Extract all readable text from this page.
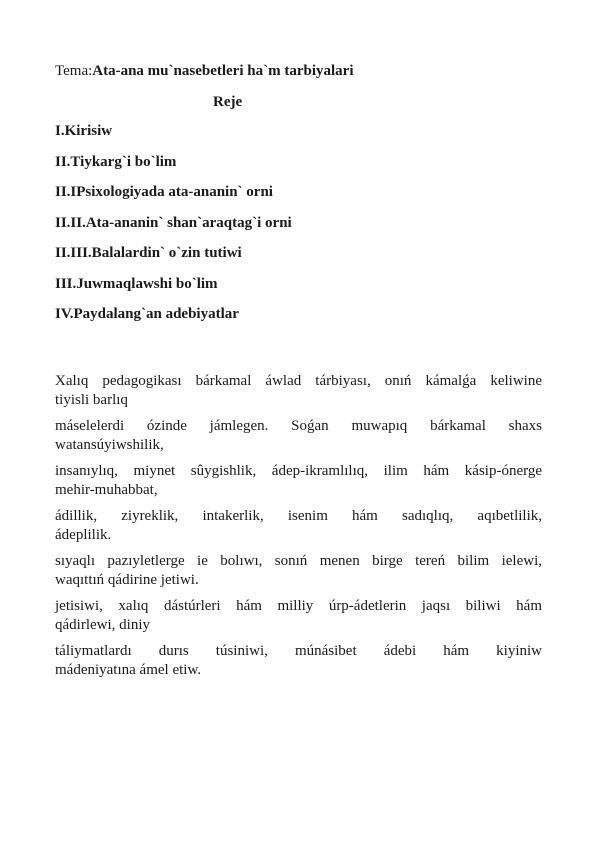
Tema:Ata-ana mu`nasebetleri ha`m tarbiyalari
Reje
I.Kirisiw
II.Tiykarg`i bo`lim
II.IPsixologiyada ata-ananin` orni
II.II.Ata-ananin` shan`araqtag`i orni
II.III.Balalardin` o`zin tutiwi
III.Juwmaqlawshi bo`lim
IV.Paydalang`an adebiyatlar

Xalıq pedagogikası bárkamal áwlad tárbiyası, onıń kámalǵa keliwine
tiyisli barlıq

máselelerdi ózinde jámlegen. Soǵan muwapıq bárkamal shaxs
watansúyiwshilik,

insanıylıq, miynet sûygishlik, ádep-ikramlılıq, ilim hám kásip-ónerge
mehir-muhabbat,

ádillik, ziyreklik, intakerlik, isenim hám sadıqlıq, aqıbetlilik,
ádeplilik.

sıyaqlı pazıyletlerge ie bolıwı, sonıń menen birge tereń bilim ielewi,
waqıttıń qádirine jetiwi.

jetisiwi, xalıq dástúrleri hám milliy úrp-ádetlerin jaqsı biliwi hám
qádirlewi, diniy

táliymatlardı durıs túsiniwi, múnásibet ádebi hám kiyiniw
mádeniyatına ámel etiw.
